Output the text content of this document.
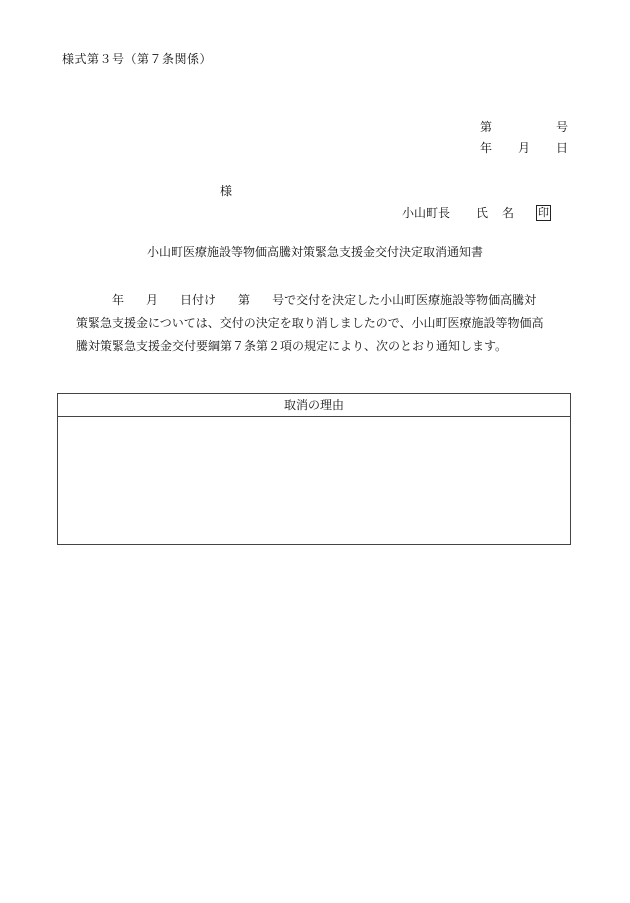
様式第３号（第７条関係）
第	号
年 月 日
様
小山町長 氏 名 印
小山町医療施設等物価高騰対策緊急支援金交付決定取消通知書
年 月 日付け 第 号で交付を決定した小山町医療施設等物価高騰対
策緊急支援金については、交付の決定を取り消しましたので、小山町医療施設等物価高
騰対策緊急支援金交付要綱第７条第２項の規定により、次のとおり通知します。
取消の理由
